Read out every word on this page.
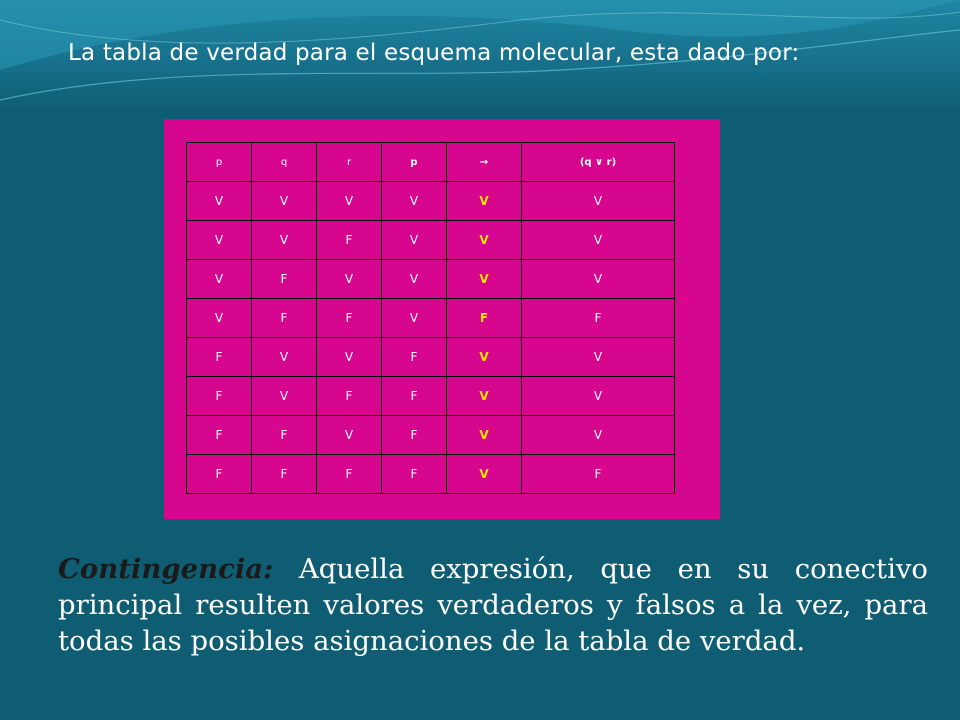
La tabla de verdad para el esquema molecular, esta dado por:
p	q	r	p	→	(q ∨ r)
V	V	V	V	V	V
V	V	F	V	V	V
V	F	V	V	V	V
V	F	F	V	F	F
F	V	V	F	V	V
F	V	F	F	V	V
F	F	V	F	V	V
F	F	F	F	V	F
Contingencia: Aquella expresión, que en su conectivo principal resulten valores verdaderos y falsos a la vez, para todas las posibles asignaciones de la tabla de verdad.
